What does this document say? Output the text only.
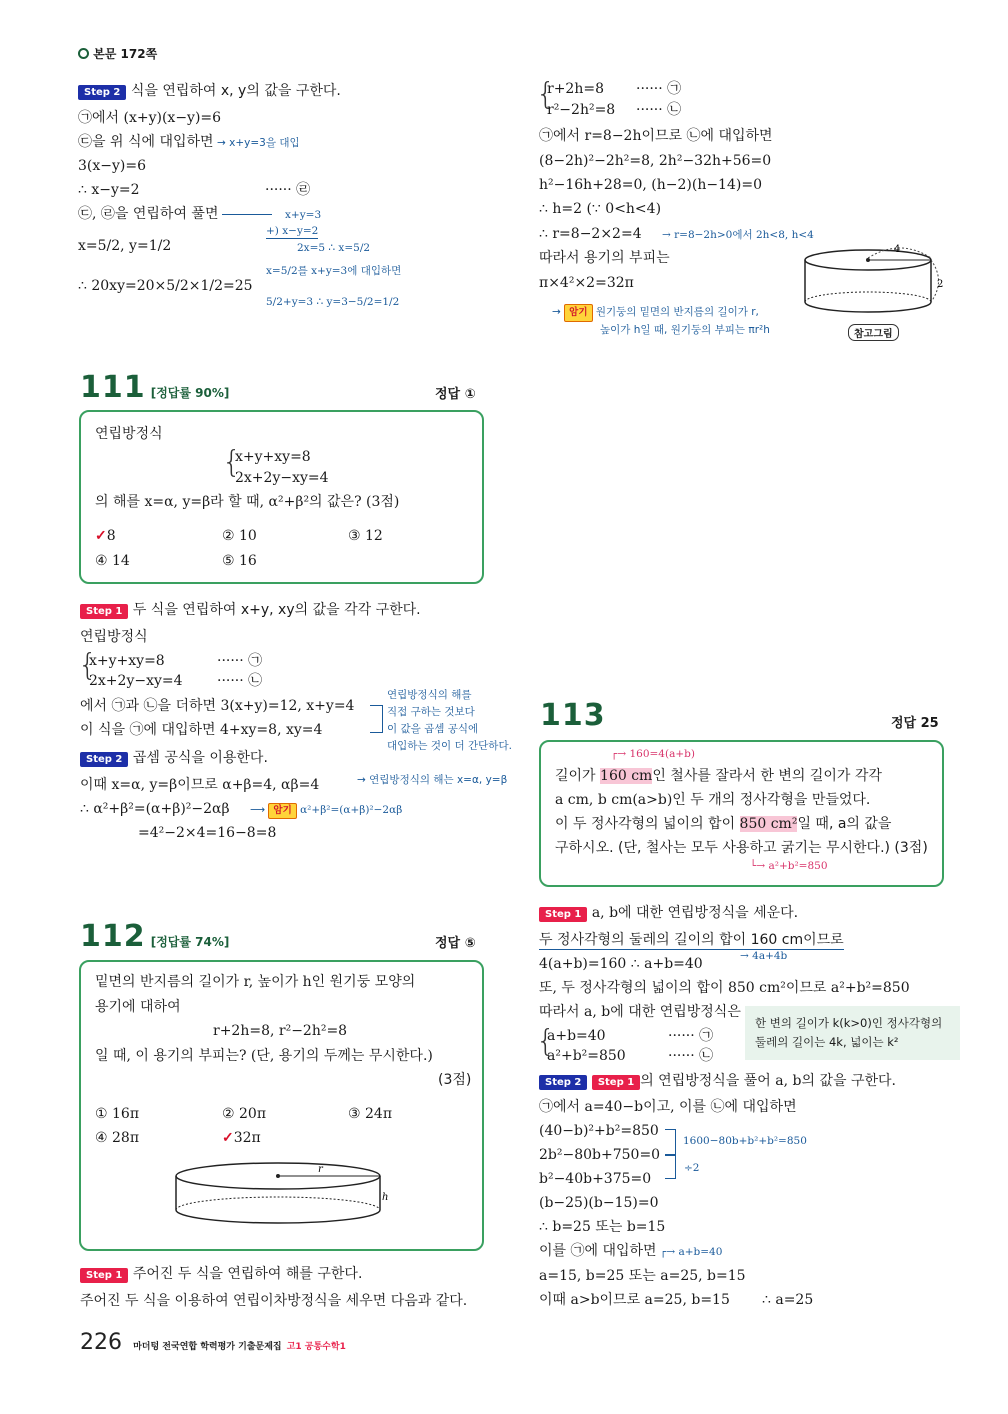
본문 172쪽
Step 2 식을 연립하여 x, y의 값을 구한다.
㉠에서 (x+y)(x−y)=6
㉢을 위 식에 대입하면 → x+y=3을 대입
3(x−y)=6
∴ x−y=2	······ ㉣
㉢, ㉣을 연립하여 풀면	x+y=3
+) x−y=2
2x=5 ∴ x=5/2
x=5/2, y=1/2
x=5/2를 x+y=3에 대입하면
∴ 20xy=20×5/2×1/2=25
5/2+y=3 ∴ y=3−5/2=1/2
111 [정답률 90%]	정답 ①
연립방정식
{
x+y+xy=8
2x+2y−xy=4
의 해를 x=α, y=β라 할 때, α²+β²의 값은? (3점)
✓8	② 10	③ 12
④ 14	⑤ 16
Step 1 두 식을 연립하여 x+y, xy의 값을 각각 구한다.
연립방정식
{
x+y+xy=8
2x+2y−xy=4
······ ㉠
······ ㉡
에서 ㉠과 ㉡을 더하면 3(x+y)=12, x+y=4
이 식을 ㉠에 대입하면 4+xy=8, xy=4
연립방정식의 해를
직접 구하는 것보다
이 값을 곱셈 공식에
대입하는 것이 더 간단하다.
Step 2 곱셈 공식을 이용한다.
이때 x=α, y=β이므로 α+β=4, αβ=4	→ 연립방정식의 해는 x=α, y=β
∴ α²+β²=(α+β)²−2αβ ⟶ 암기 α²+β²=(α+β)²−2αβ
=4²−2×4=16−8=8
112 [정답률 74%]	정답 ⑤
밑면의 반지름의 길이가 r, 높이가 h인 원기둥 모양의
용기에 대하여
r+2h=8, r²−2h²=8
일 때, 이 용기의 부피는? (단, 용기의 두께는 무시한다.)
(3점)
① 16π	② 20π	③ 24π
④ 28π	✓32π
r
h
Step 1 주어진 두 식을 연립하여 해를 구한다.
주어진 두 식을 이용하여 연립이차방정식을 세우면 다음과 같다.
{
r+2h=8
r²−2h²=8
······ ㉠
······ ㉡
㉠에서 r=8−2h이므로 ㉡에 대입하면
(8−2h)²−2h²=8, 2h²−32h+56=0
h²−16h+28=0, (h−2)(h−14)=0
∴ h=2 (∵ 0<h<4)
∴ r=8−2×2=4 → r=8−2h>0에서 2h<8, h<4
따라서 용기의 부피는
π×4²×2=32π
→ 암기 원기둥의 밑면의 반지름의 길이가 r,
높이가 h일 때, 원기둥의 부피는 πr²h
4
2
참고그림
113	정답 25
┌→ 160=4(a+b)
길이가 160 cm인 철사를 잘라서 한 변의 길이가 각각
a cm, b cm(a>b)인 두 개의 정사각형을 만들었다.
이 두 정사각형의 넓이의 합이 850 cm²일 때, a의 값을
구하시오. (단, 철사는 모두 사용하고 굵기는 무시한다.) (3점)
└→ a²+b²=850
Step 1 a, b에 대한 연립방정식을 세운다.
두 정사각형의 둘레의 길이의 합이 160 cm이므로
→ 4a+4b
4(a+b)=160 ∴ a+b=40
또, 두 정사각형의 넓이의 합이 850 cm²이므로 a²+b²=850
따라서 a, b에 대한 연립방정식은
{
a+b=40
a²+b²=850
······ ㉠
······ ㉡
한 변의 길이가 k(k>0)인 정사각형의
둘레의 길이는 4k, 넓이는 k²
Step 2 Step 1 의 연립방정식을 풀어 a, b의 값을 구한다.
㉠에서 a=40−b이고, 이를 ㉡에 대입하면
(40−b)²+b²=850
2b²−80b+750=0
b²−40b+375=0
1600−80b+b²+b²=850
÷2
(b−25)(b−15)=0
∴ b=25 또는 b=15
이를 ㉠에 대입하면 ┌→ a+b=40
a=15, b=25 또는 a=25, b=15
이때 a>b이므로 a=25, b=15 ∴ a=25
226 마더텅 전국연합 학력평가 기출문제집 고1 공통수학1
